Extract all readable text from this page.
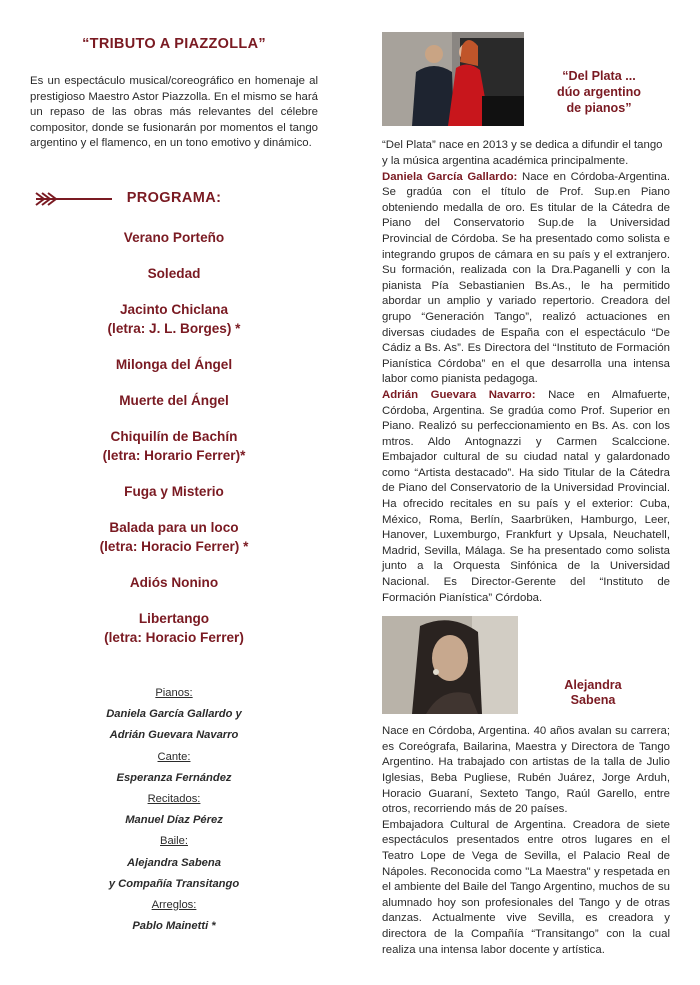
“TRIBUTO A PIAZZOLLA”

Es un espectáculo musical/coreográfico en homenaje al prestigioso Maestro Astor Piazzolla. En el mismo se hará un repaso de las obras más relevantes del célebre compositor, donde se fusionarán por momentos el tango argentino y el flamenco, en un tono emotivo y dinámico.

PROGRAMA:
Verano Porteño
Soledad
Jacinto Chiclana
(letra: J. L. Borges) *
Milonga del Ángel
Muerte del Ángel
Chiquilín de Bachín
(letra: Horario Ferrer)*
Fuga y Misterio
Balada para un loco
(letra: Horacio Ferrer) *
Adiós Nonino
Libertango
(letra: Horacio Ferrer)
Pianos:
Daniela García Gallardo y
Adrián Guevara Navarro
Cante:
Esperanza Fernández
Recitados:
Manuel Díaz Pérez
Baile:
Alejandra Sabena
y Compañía Transitango
Arreglos:
Pablo Mainetti *
“Del Plata ...
dúo argentino
de pianos”

“Del Plata” nace en 2013 y se dedica a difundir el tango y la música argentina académica principalmente.

Daniela García Gallardo: Nace en Córdoba-Argentina. Se gradúa con el título de Prof. Sup.en Piano obteniendo medalla de oro. Es titular de la Cátedra de Piano del Conservatorio Sup.de la Universidad Provincial de Córdoba. Se ha presentado como solista e integrando grupos de cámara en su país y el extranjero. Su formación, realizada con la Dra.Paganelli y con la pianista Pía Sebastianien Bs.As., le ha permitido abordar un amplio y variado repertorio. Creadora del grupo “Generación Tango”, realizó actuaciones en diversas ciudades de España con el espectáculo “De Cádiz a Bs. As”. Es Directora del “Instituto de Formación Pianística Córdoba” en el que desarrolla una intensa labor como pianista pedagoga.

Adrián Guevara Navarro: Nace en Almafuerte, Córdoba, Argentina. Se gradúa como Prof. Superior en Piano. Realizó su perfeccionamiento en Bs. As. con los mtros. Aldo Antognazzi y Carmen Scalccione. Embajador cultural de su ciudad natal y galardonado como “Artista destacado”. Ha sido Titular de la Cátedra de Piano del Conservatorio de la Universidad Provincial. Ha ofrecido recitales en su país y el exterior: Cuba, México, Roma, Berlín, Saarbrüken, Hamburgo, Leer, Hanover, Luxemburgo, Frankfurt y Upsala, Neuchatell, Madrid, Sevilla, Málaga. Se ha presentado como solista junto a la Orquesta Sinfónica de la Universidad Nacional. Es Director-Gerente del “Instituto de Formación Pianística” Córdoba.

Alejandra
Sabena

Nace en Córdoba, Argentina. 40 años avalan su carrera; es Coreógrafa, Bailarina, Maestra y Directora de Tango Argentino. Ha trabajado con artistas de la talla de Julio Iglesias, Beba Pugliese, Rubén Juárez, Jorge Arduh, Horacio Guaraní, Sexteto Tango, Raúl Garello, entre otros, recorriendo más de 20 países.

Embajadora Cultural de Argentina. Creadora de siete espectáculos presentados entre otros lugares en el Teatro Lope de Vega de Sevilla, el Palacio Real de Nápoles. Reconocida como "La Maestra" y respetada en el ambiente del Baile del Tango Argentino, muchos de su alumnado hoy son profesionales del Tango y de otras danzas. Actualmente vive Sevilla, es creadora y directora de la Compañía “Transitango” con la cual realiza una intensa labor docente y artística.
